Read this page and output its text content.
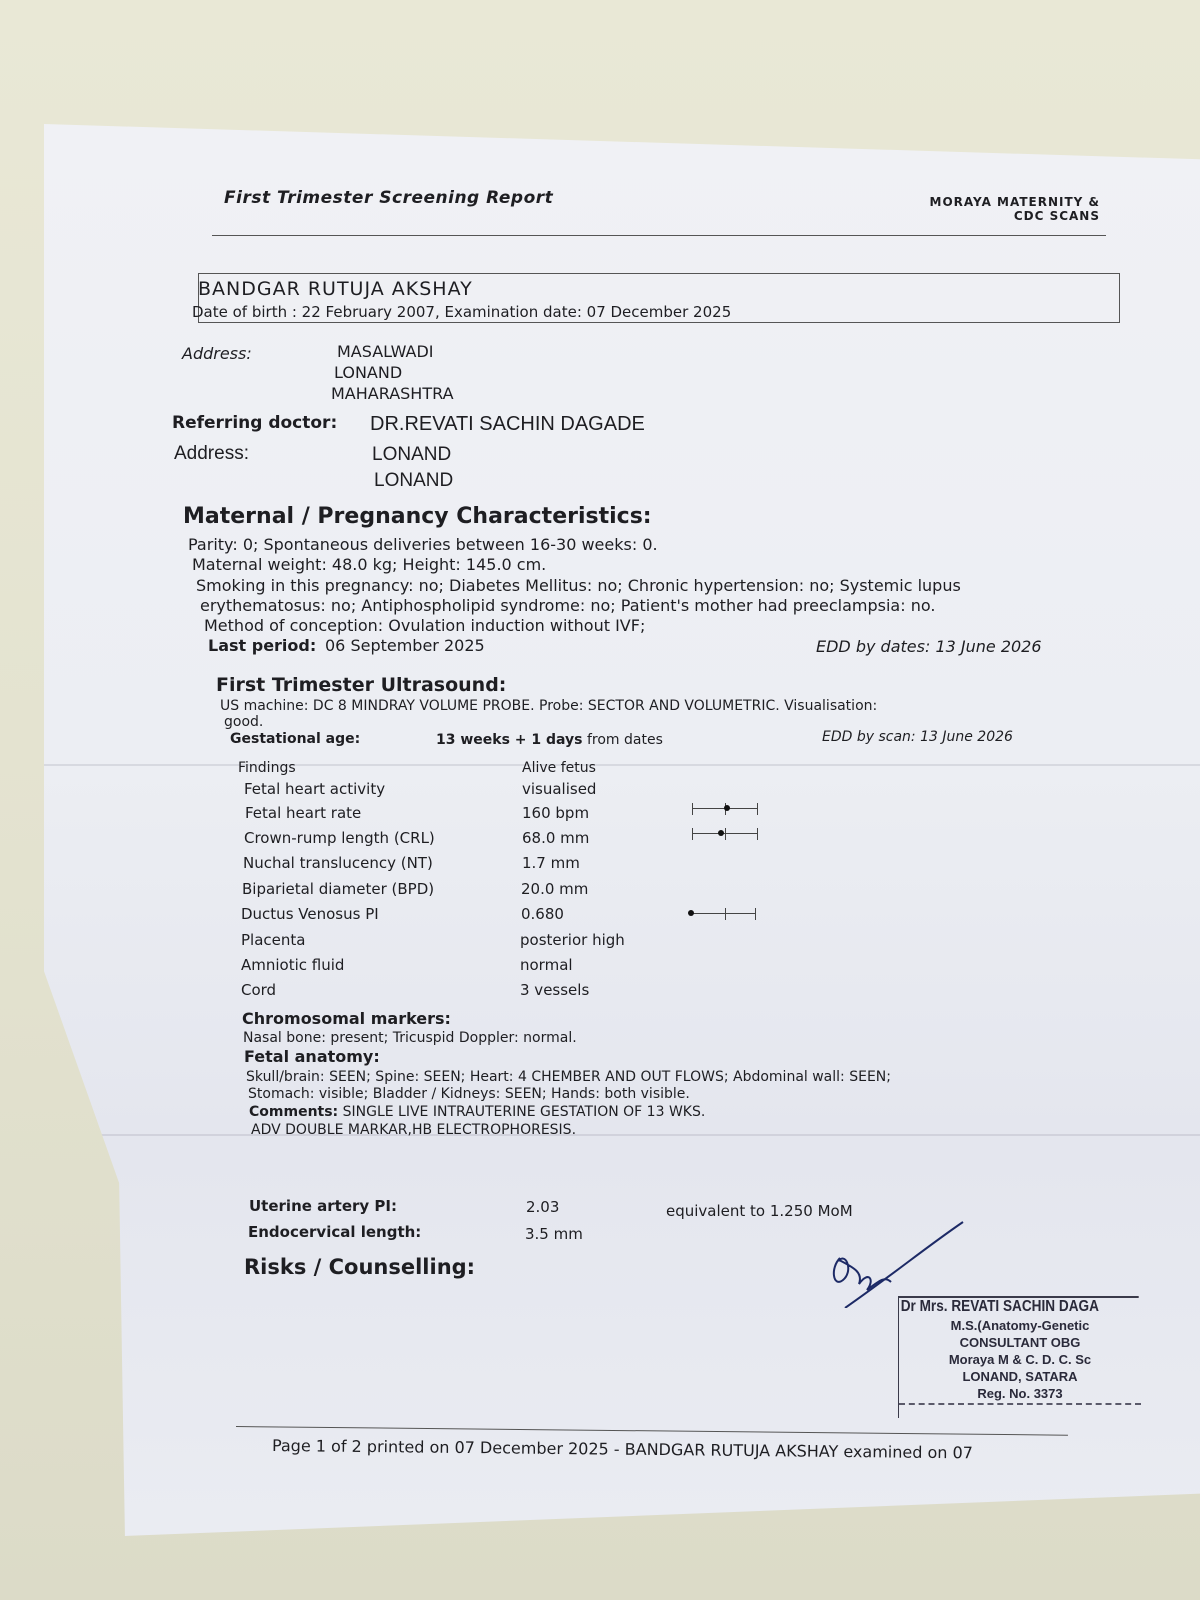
First Trimester Screening Report	MORAYA MATERNITY &
CDC SCANS
BANDGAR RUTUJA AKSHAY
Date of birth : 22 February 2007, Examination date: 07 December 2025
Address:	MASALWADI
LONAND
MAHARASHTRA
Referring doctor: DR.REVATI SACHIN DAGADE
Address:	LONAND
LONAND
Maternal / Pregnancy Characteristics:
Parity: 0; Spontaneous deliveries between 16-30 weeks: 0.
Maternal weight: 48.0 kg; Height: 145.0 cm.
Smoking in this pregnancy: no; Diabetes Mellitus: no; Chronic hypertension: no; Systemic lupus
erythematosus: no; Antiphospholipid syndrome: no; Patient's mother had preeclampsia: no.
Method of conception: Ovulation induction without IVF;
Last period: 06 September 2025	EDD by dates: 13 June 2026
First Trimester Ultrasound:
US machine: DC 8 MINDRAY VOLUME PROBE. Probe: SECTOR AND VOLUMETRIC. Visualisation:
good.
Gestational age:	13 weeks + 1 days from dates	EDD by scan: 13 June 2026
Findings	Alive fetus
Fetal heart activity	visualised
Fetal heart rate	160 bpm
Crown-rump length (CRL)	68.0 mm
Nuchal translucency (NT)	1.7 mm
Biparietal diameter (BPD)	20.0 mm
Ductus Venosus PI	0.680
Placenta	posterior high
Amniotic fluid	normal
Cord	3 vessels
Chromosomal markers:
Nasal bone: present; Tricuspid Doppler: normal.
Fetal anatomy:
Skull/brain: SEEN; Spine: SEEN; Heart: 4 CHEMBER AND OUT FLOWS; Abdominal wall: SEEN;
Stomach: visible; Bladder / Kidneys: SEEN; Hands: both visible.
Comments: SINGLE LIVE INTRAUTERINE GESTATION OF 13 WKS.
ADV DOUBLE MARKAR,HB ELECTROPHORESIS.
Uterine artery PI:	2.03	equivalent to 1.250 MoM
Endocervical length:	3.5 mm
Risks / Counselling:
Dr Mrs. REVATI SACHIN DAGA
M.S.(Anatomy-Genetic
CONSULTANT OBG
Moraya M & C. D. C. Sc
LONAND, SATARA
Reg. No. 3373
Page 1 of 2 printed on 07 December 2025 - BANDGAR RUTUJA AKSHAY examined on 07
